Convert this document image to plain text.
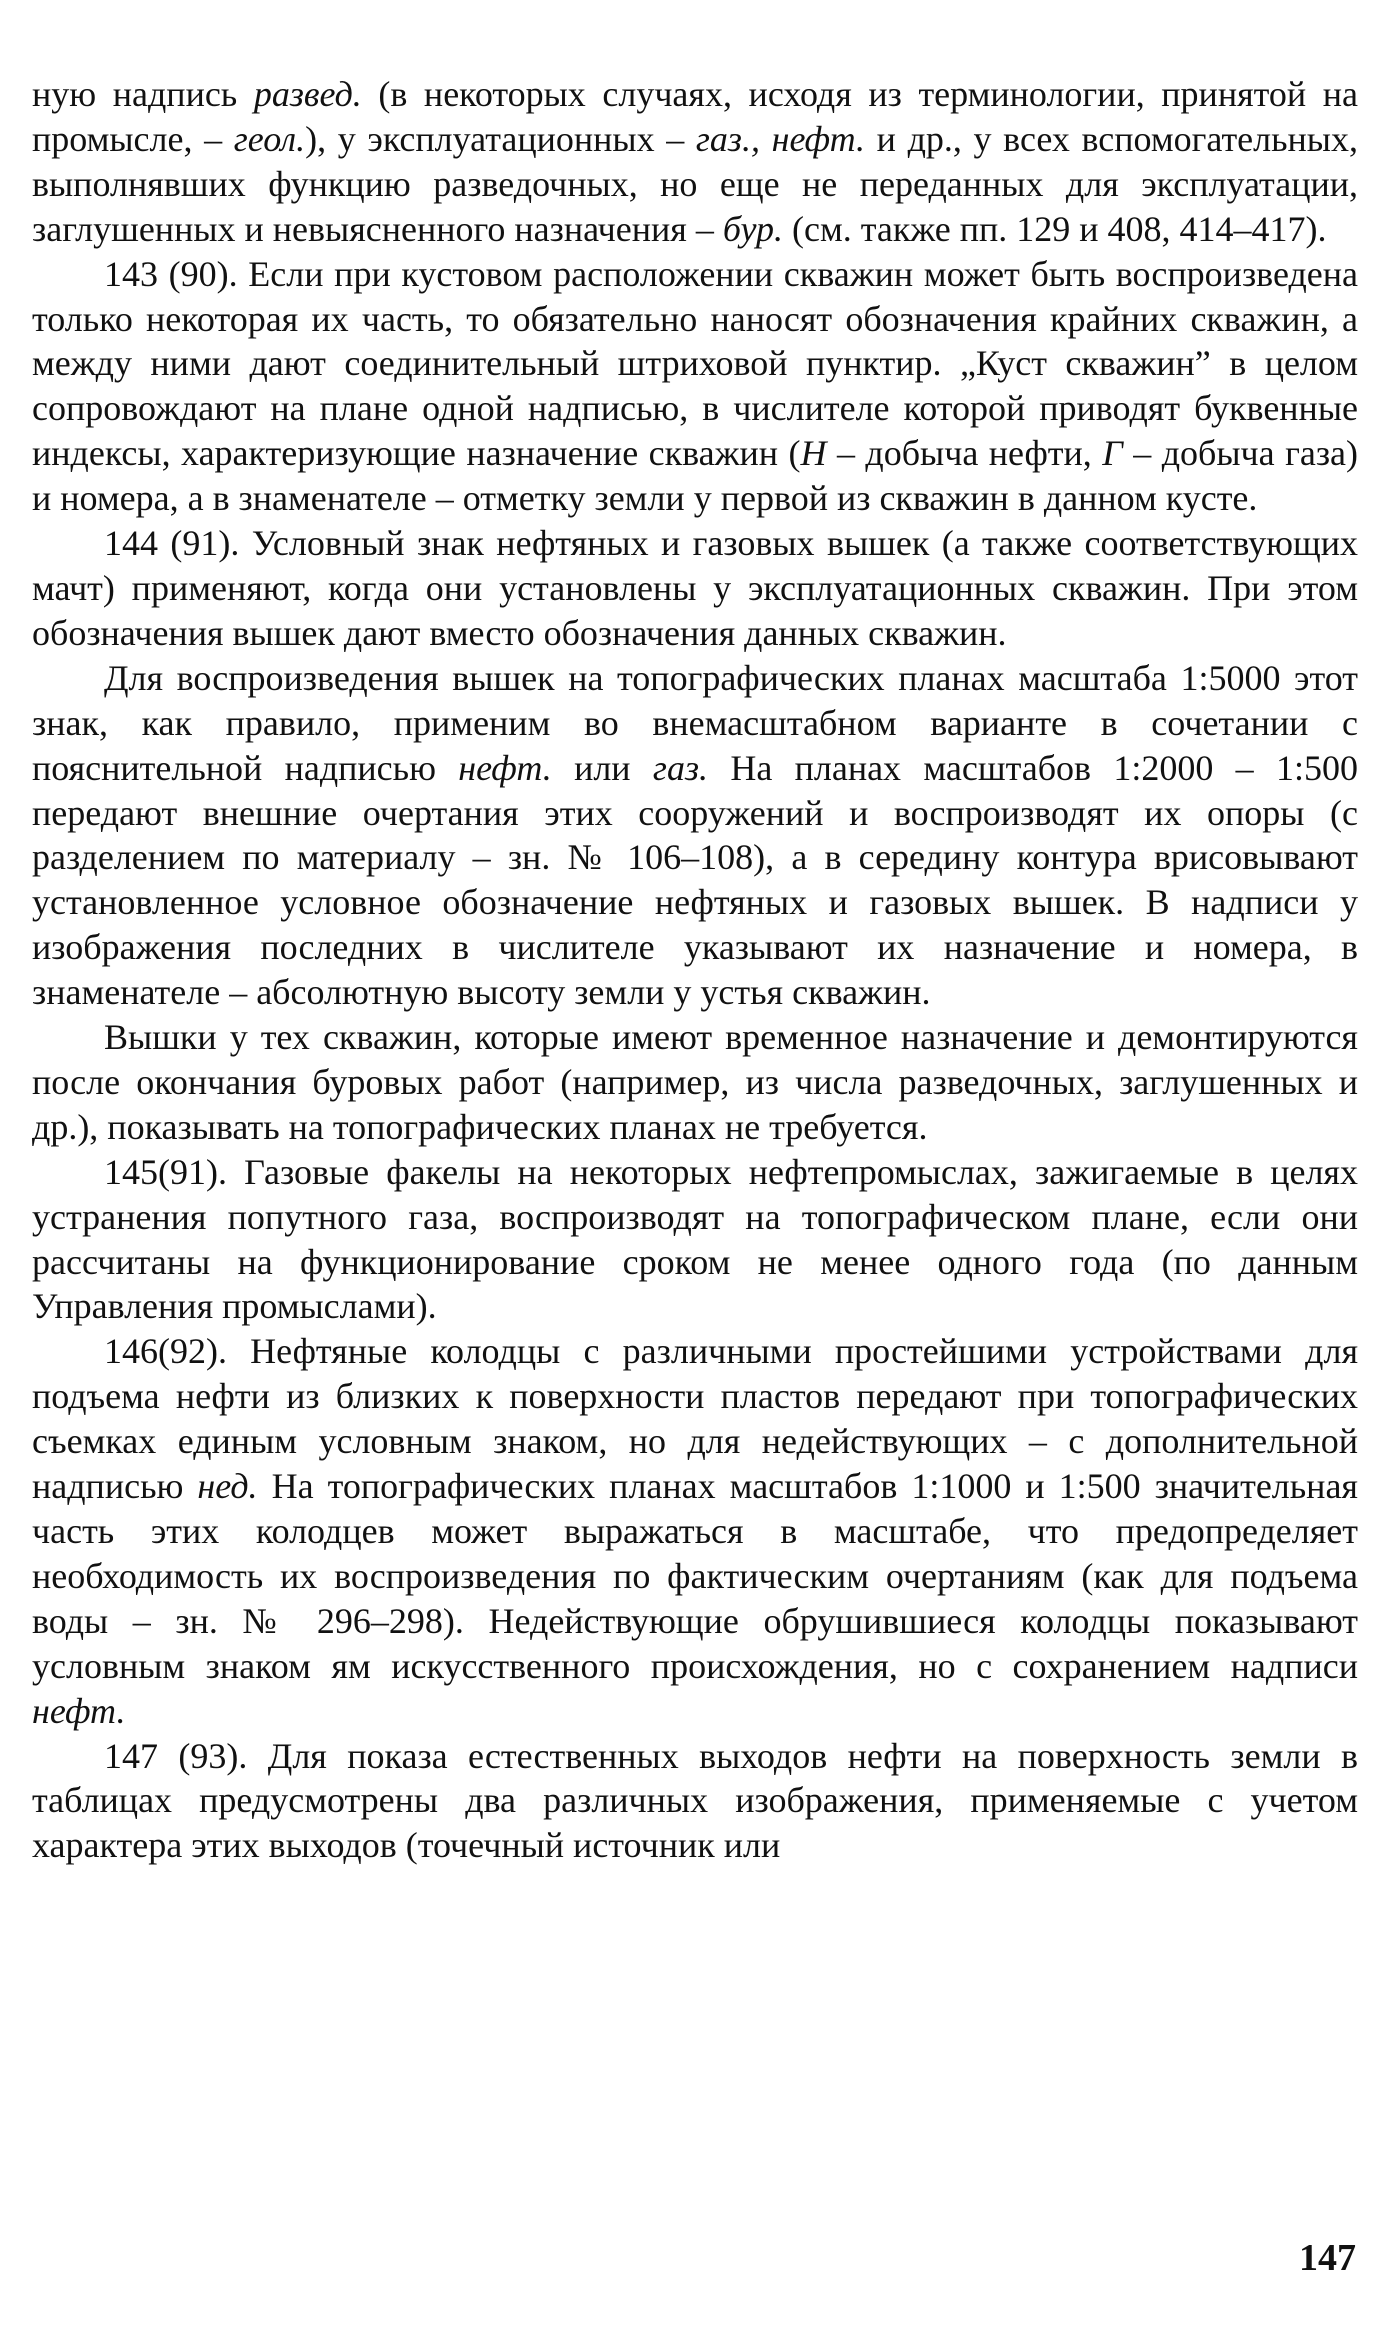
ную надпись развед. (в некоторых случаях, исходя из терминологии, принятой на промысле, – геол.), у эксплуатационных – газ., нефт. и др., у всех вспомогательных, выполнявших функцию разведочных, но еще не переданных для эксплуатации, заглушенных и невыясненного назначения – бур. (см. также пп. 129 и 408, 414–417).

143 (90). Если при кустовом расположении скважин может быть воспроизведена только некоторая их часть, то обязательно наносят обозначения крайних скважин, а между ними дают соединительный штриховой пунктир. „Куст скважин” в целом сопровождают на плане одной надписью, в числителе которой приводят буквенные индексы, характеризующие назначение скважин (Н – добыча нефти, Г – добыча газа) и номера, а в знаменателе – отметку земли у первой из скважин в данном кусте.

144 (91). Условный знак нефтяных и газовых вышек (а также соответствующих мачт) применяют, когда они установлены у эксплуатационных скважин. При этом обозначения вышек дают вместо обозначения данных скважин.

Для воспроизведения вышек на топографических планах масштаба 1:5000 этот знак, как правило, применим во внемасштабном варианте в сочетании с пояснительной надписью нефт. или газ. На планах масштабов 1:2000 – 1:500 передают внешние очертания этих сооружений и воспроизводят их опоры (с разделением по материалу – зн. № 106–108), а в середину контура врисовывают установленное условное обозначение нефтяных и газовых вышек. В надписи у изображения последних в числителе указывают их назначение и номера, в знаменателе – абсолютную высоту земли у устья скважин.

Вышки у тех скважин, которые имеют временное назначение и демонтируются после окончания буровых работ (например, из числа разведочных, заглушенных и др.), показывать на топографических планах не требуется.

145(91). Газовые факелы на некоторых нефтепромыслах, зажигаемые в целях устранения попутного газа, воспроизводят на топографическом плане, если они рассчитаны на функционирование сроком не менее одного года (по данным Управления промыслами).

146(92). Нефтяные колодцы с различными простейшими устройствами для подъема нефти из близких к поверхности пластов передают при топографических съемках единым условным знаком, но для недействующих – с дополнительной надписью нед. На топографических планах масштабов 1:1000 и 1:500 значительная часть этих колодцев может выражаться в масштабе, что предопределяет необходимость их воспроизведения по фактическим очертаниям (как для подъема воды – зн. № 296–298). Недействующие обрушившиеся колодцы показывают условным знаком ям искусственного происхождения, но с сохранением надписи нефт.

147 (93). Для показа естественных выходов нефти на поверхность земли в таблицах предусмотрены два различных изображения, применяемые с учетом характера этих выходов (точечный источник или

147
